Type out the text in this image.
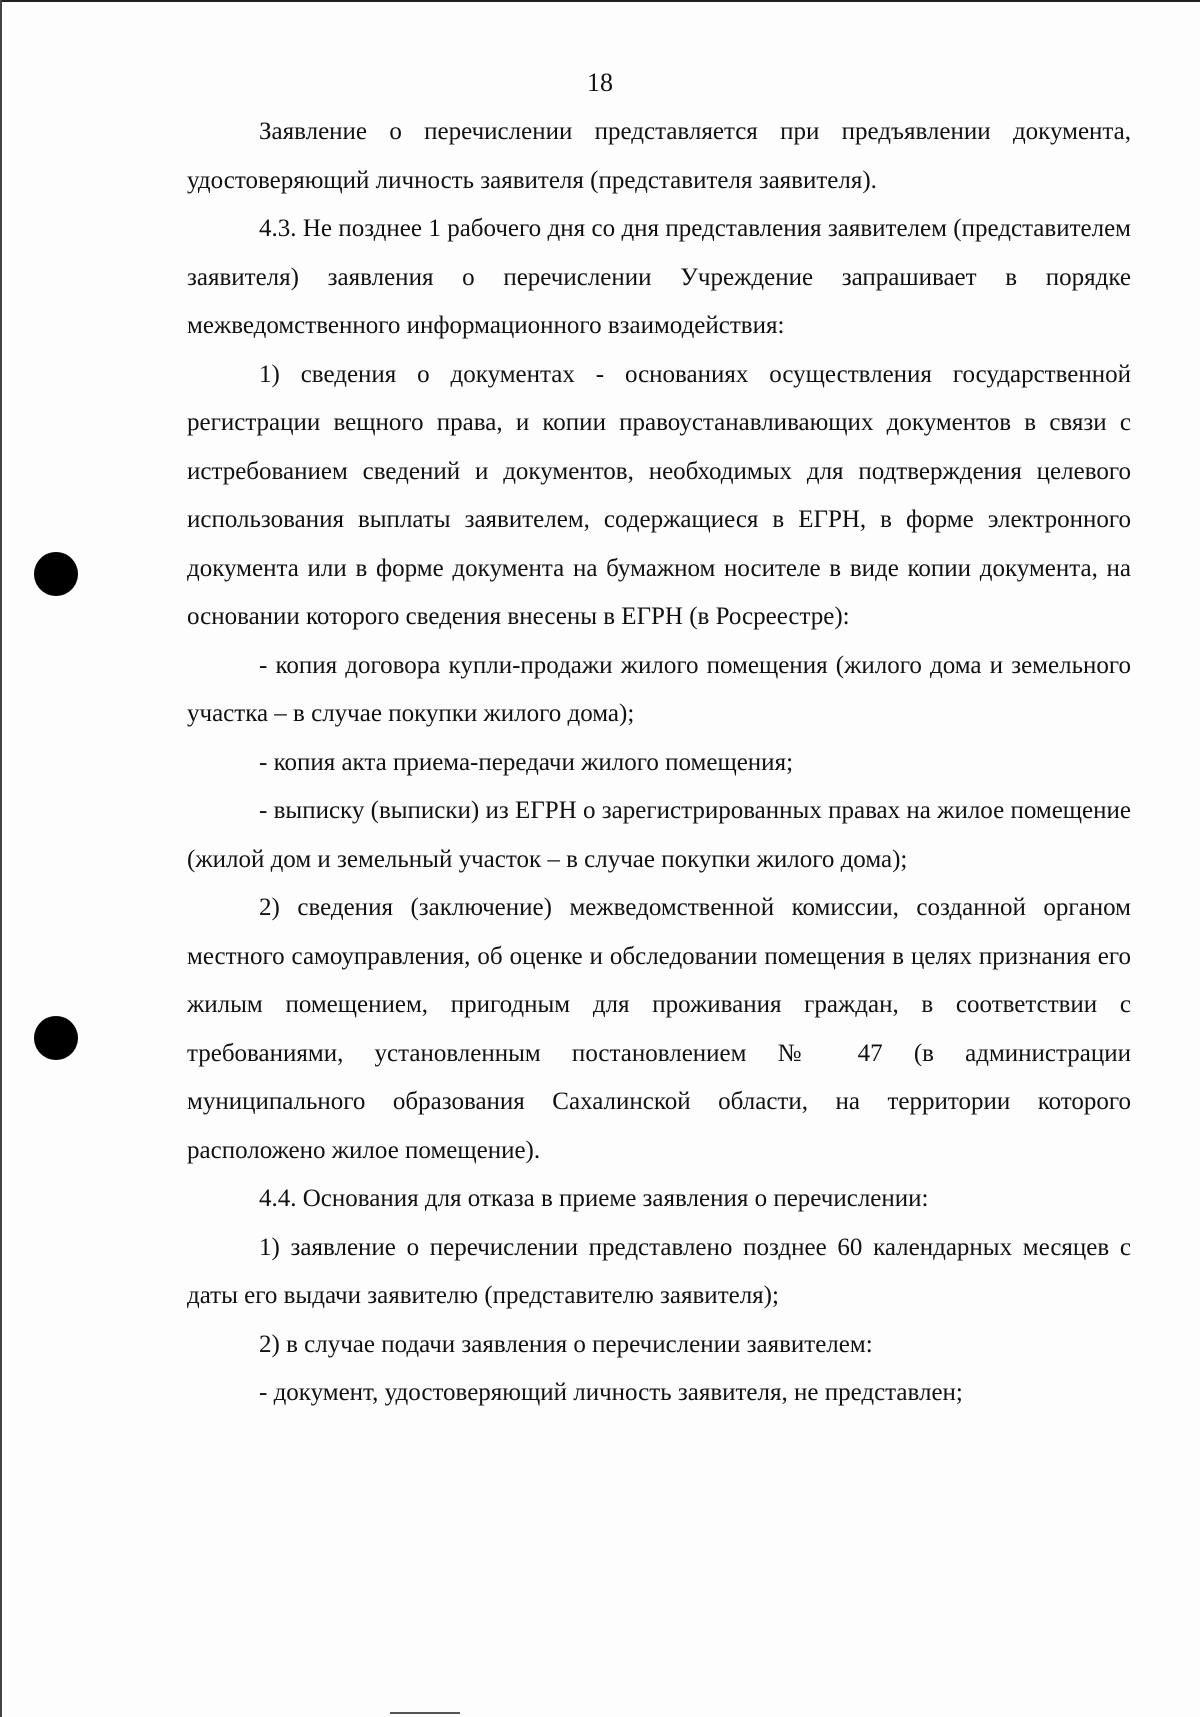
18

Заявление о перечислении представляется при предъявлении документа, удостоверяющий личность заявителя (представителя заявителя).

4.3. Не позднее 1 рабочего дня со дня представления заявителем (представителем заявителя) заявления о перечислении Учреждение запрашивает в порядке межведомственного информационного взаимодействия:

1) сведения о документах - основаниях осуществления государственной регистрации вещного права, и копии правоустанавливающих документов в связи с истребованием сведений и документов, необходимых для подтверждения целевого использования выплаты заявителем, содержащиеся в ЕГРН, в форме электронного документа или в форме документа на бумажном носителе в виде копии документа, на основании которого сведения внесены в ЕГРН (в Росреестре):

- копия договора купли-продажи жилого помещения (жилого дома и земельного участка – в случае покупки жилого дома);

- копия акта приема-передачи жилого помещения;

- выписку (выписки) из ЕГРН о зарегистрированных правах на жилое помещение (жилой дом и земельный участок – в случае покупки жилого дома);

2) сведения (заключение) межведомственной комиссии, созданной органом местного самоуправления, об оценке и обследовании помещения в целях признания его жилым помещением, пригодным для проживания граждан, в соответствии с требованиями, установленным постановлением № 47 (в администрации муниципального образования Сахалинской области, на территории которого расположено жилое помещение).

4.4. Основания для отказа в приеме заявления о перечислении:

1) заявление о перечислении представлено позднее 60 календарных месяцев с даты его выдачи заявителю (представителю заявителя);

2) в случае подачи заявления о перечислении заявителем:

- документ, удостоверяющий личность заявителя, не представлен;
